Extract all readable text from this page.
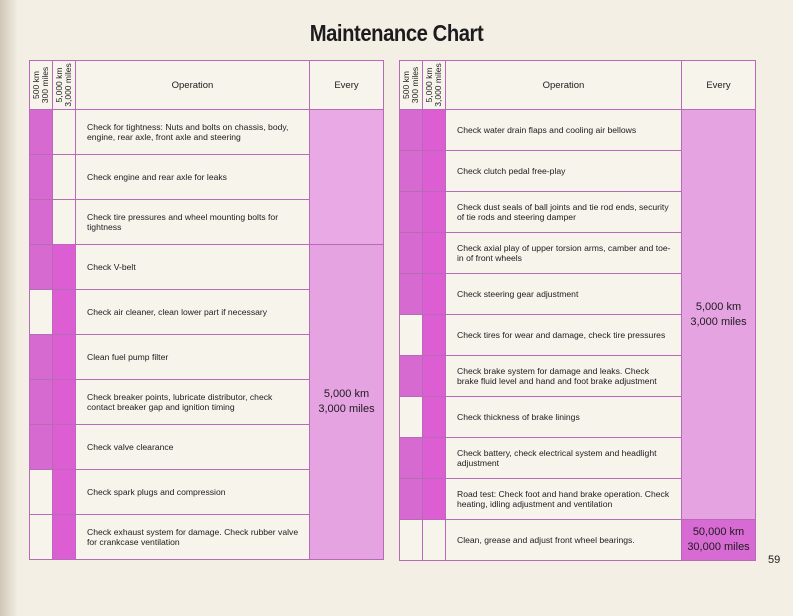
Maintenance Chart
500 km
300 miles	5,000 km
3,000 miles	Operation	Every
		Check for tightness: Nuts and bolts on chassis, body, engine, rear axle, front axle and steering	

		Check engine and rear axle for leaks	
		Check tire pressures and wheel mounting bolts for tightness	
		Check V-belt	5,000 km
3,000 miles

		Check air cleaner, clean lower part if necessary	
		Clean fuel pump filter	
		Check breaker points, lubricate distributor, check contact breaker gap and ignition timing	
		Check valve clearance	
		Check spark plugs and compression	
		Check exhaust system for damage. Check rubber valve for crankcase ventilation	
500 km
300 miles	5,000 km
3,000 miles	Operation	Every
		Check water drain flaps and cooling air bellows	5,000 km
3,000 miles

		Check clutch pedal free-play	
		Check dust seals of ball joints and tie rod ends, security of tie rods and steering damper	
		Check axial play of upper torsion arms, camber and toe-in of front wheels	
		Check steering gear adjustment	
		Check tires for wear and damage, check tire pressures	
		Check brake system for damage and leaks. Check brake fluid level and hand and foot brake adjustment	
		Check thickness of brake linings	
		Check battery, check electrical system and headlight adjustment	
		Road test: Check foot and hand brake operation. Check heating, idling adjustment and ventilation	
		Clean, grease and adjust front wheel bearings.	50,000 km
30,000 miles
59
